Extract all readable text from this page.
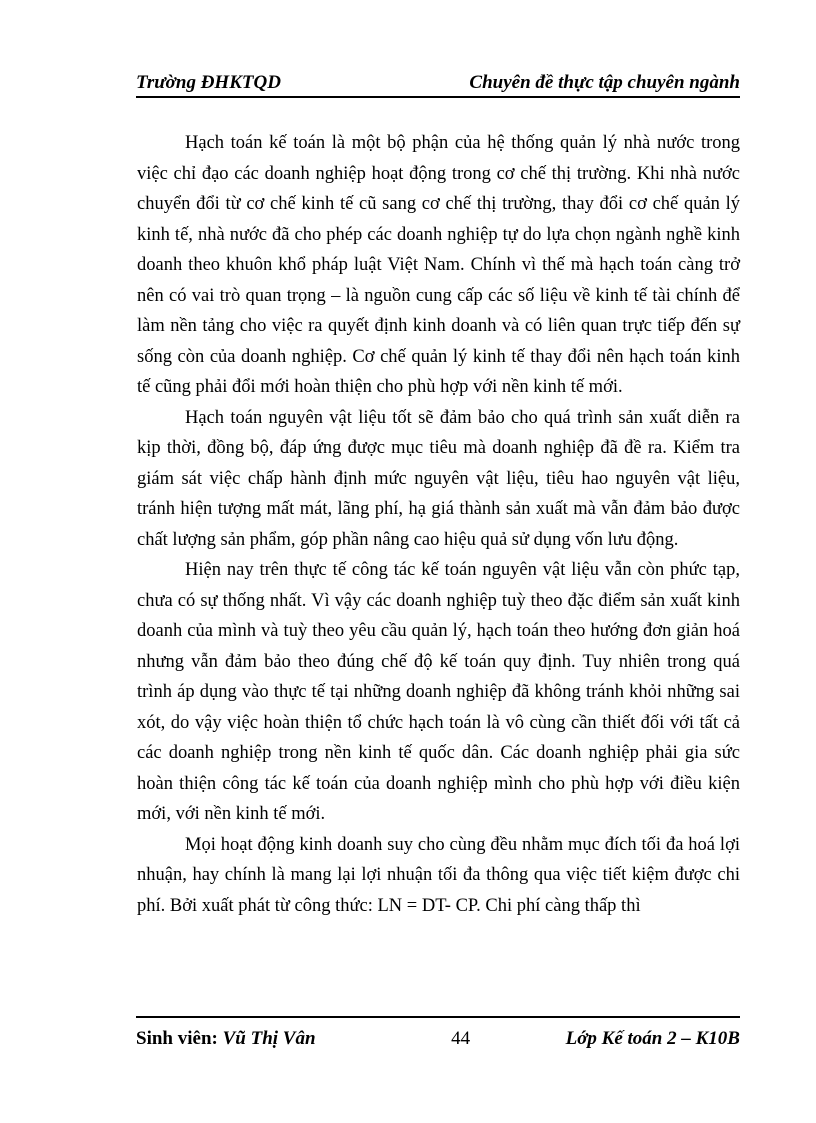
Trường ĐHKTQD	Chuyên đề thực tập chuyên ngành

Hạch toán kế toán là một bộ phận của hệ thống quản lý nhà nước trong việc chỉ đạo các doanh nghiệp hoạt động trong cơ chế thị trường. Khi nhà nước chuyển đổi từ cơ chế kinh tế cũ sang cơ chế thị trường, thay đổi cơ chế quản lý kinh tế, nhà nước đã cho phép các doanh nghiệp tự do lựa chọn ngành nghề kinh doanh theo khuôn khổ pháp luật Việt Nam. Chính vì thế mà hạch toán càng trở nên có vai trò quan trọng – là nguồn cung cấp các số liệu về kinh tế tài chính để làm nền tảng cho việc ra quyết định kinh doanh và có liên quan trực tiếp đến sự sống còn của doanh nghiệp. Cơ chế quản lý kinh tế thay đổi nên hạch toán kinh tế cũng phải đổi mới hoàn thiện cho phù hợp với nền kinh tế mới.

Hạch toán nguyên vật liệu tốt sẽ đảm bảo cho quá trình sản xuất diễn ra kịp thời, đồng bộ, đáp ứng được mục tiêu mà doanh nghiệp đã đề ra. Kiểm tra giám sát việc chấp hành định mức nguyên vật liệu, tiêu hao nguyên vật liệu, tránh hiện tượng mất mát, lãng phí, hạ giá thành sản xuất mà vẫn đảm bảo được chất lượng sản phẩm, góp phần nâng cao hiệu quả sử dụng vốn lưu động.

Hiện nay trên thực tế công tác kế toán nguyên vật liệu vẫn còn phức tạp, chưa có sự thống nhất. Vì vậy các doanh nghiệp tuỳ theo đặc điểm sản xuất kinh doanh của mình và tuỳ theo yêu cầu quản lý, hạch toán theo hướng đơn giản hoá nhưng vẫn đảm bảo theo đúng chế độ kế toán quy định. Tuy nhiên trong quá trình áp dụng vào thực tế tại những doanh nghiệp đã không tránh khỏi những sai xót, do vậy việc hoàn thiện tổ chức hạch toán là vô cùng cần thiết đối với tất cả các doanh nghiệp trong nền kinh tế quốc dân. Các doanh nghiệp phải gia sức hoàn thiện công tác kế toán của doanh nghiệp mình cho phù hợp với điều kiện mới, với nền kinh tế mới.

Mọi hoạt động kinh doanh suy cho cùng đều nhằm mục đích tối đa hoá lợi nhuận, hay chính là mang lại lợi nhuận tối đa thông qua việc tiết kiệm được chi phí. Bởi xuất phát từ công thức: LN = DT- CP. Chi phí càng thấp thì

Sinh viên: Vũ Thị Vân	44	Lớp Kế toán 2 – K10B
